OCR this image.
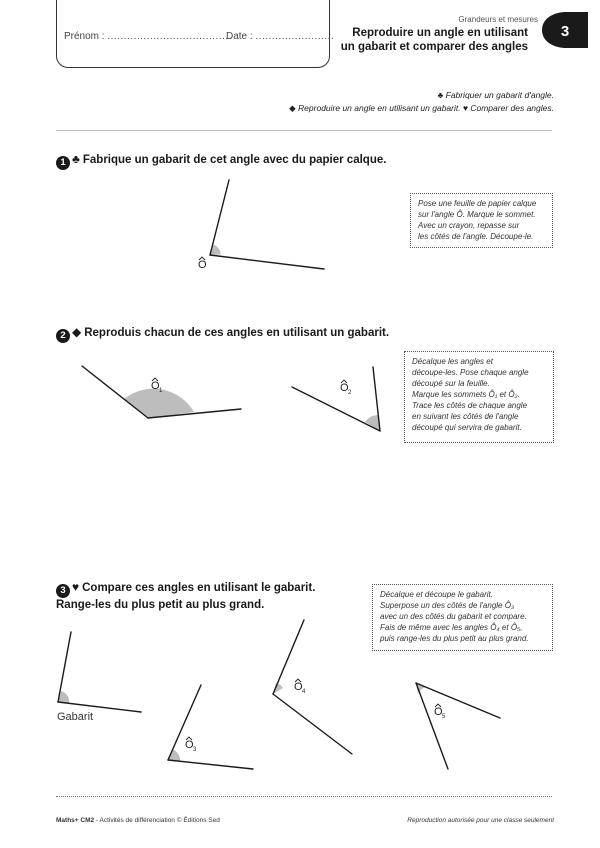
Prénom : ......................................
Date : ........................
Grandeurs et mesures
Reproduire un angle en utilisant
un gabarit et comparer des angles
3
♣ Fabriquer un gabarit d'angle.
◆ Reproduire un angle en utilisant un gabarit. ♥ Comparer des angles.
1 ♣ Fabrique un gabarit de cet angle avec du papier calque.
Pose une feuille de papier calque
sur l'angle Ô. Marque le sommet.
Avec un crayon, repasse sur
les côtés de l'angle. Découpe-le.
2 ◆ Reproduis chacun de ces angles en utilisant un gabarit.
Décalque les angles et
découpe-les. Pose chaque angle
découpé sur la feuille.
Marque les sommets Ô₁ et Ô₂.
Trace les côtés de chaque angle
en suivant les côtés de l'angle
découpé qui servira de gabarit.
3 ♥ Compare ces angles en utilisant le gabarit.
Range-les du plus petit au plus grand.
Décalque et découpe le gabarit.
Superpose un des côtés de l'angle Ô₃
avec un des côtés du gabarit et compare.
Fais de même avec les angles Ô₄ et Ô₅,
puis range-les du plus petit au plus grand.
Gabarit
O
O 1	O 2
O 3
O 4
O 5
Maths+ CM2 - Activités de différenciation © Éditions Sed	Reproduction autorisée pour une classe seulement
